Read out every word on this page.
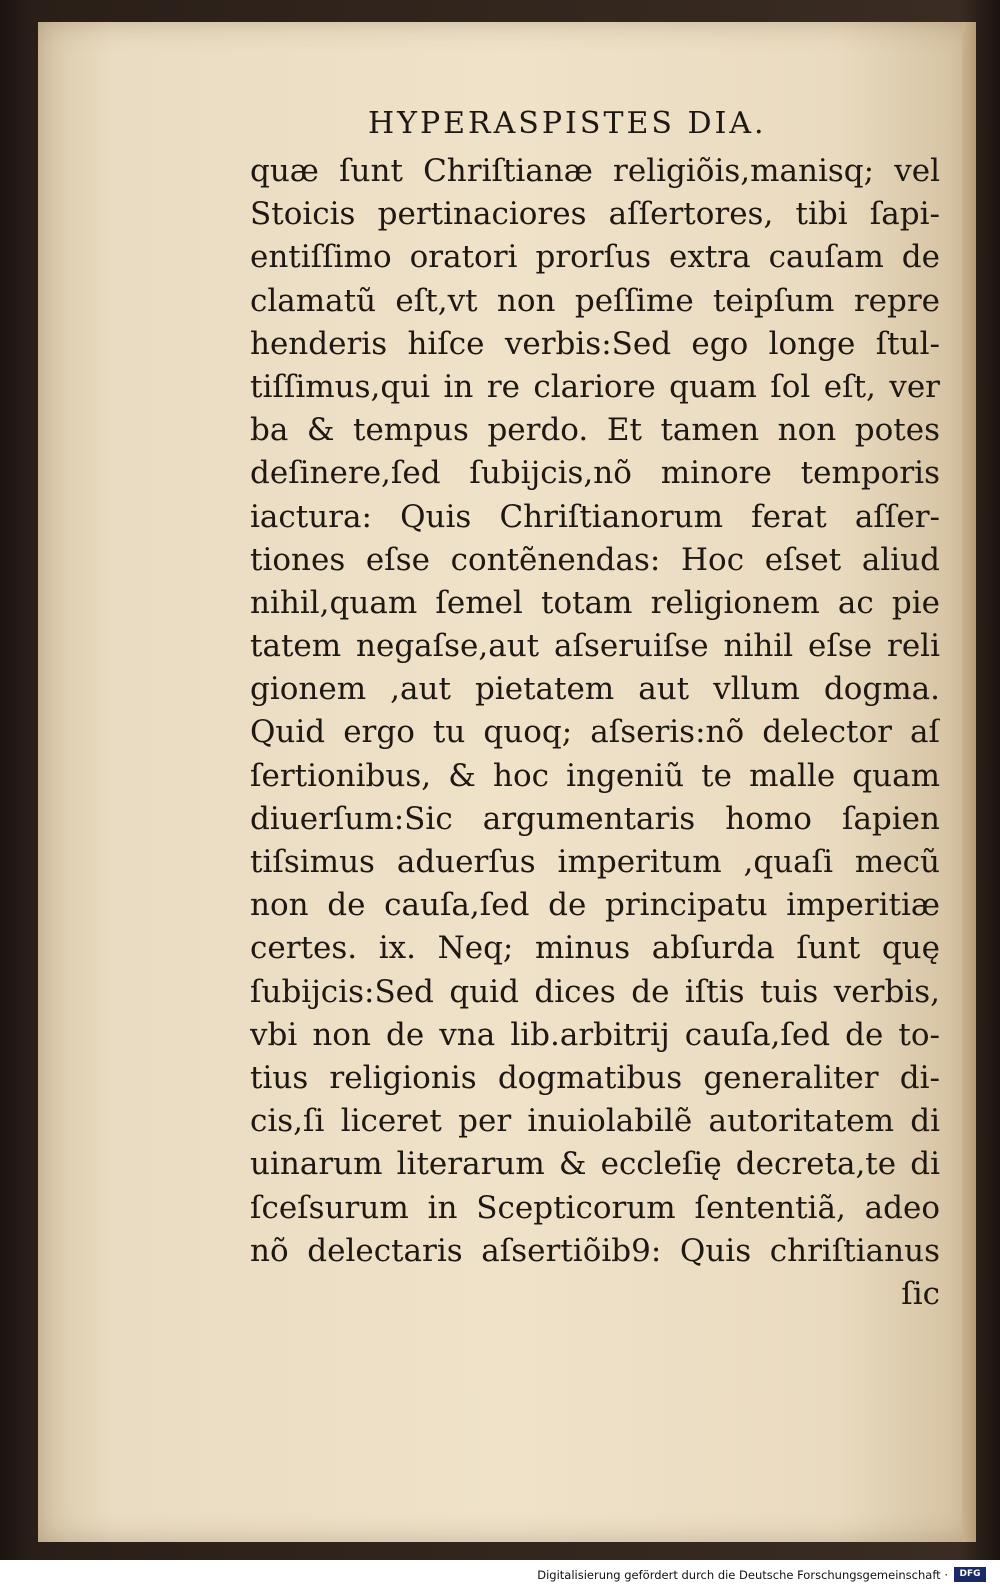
HYPERASPISTES DIA.
quæ ſunt Chriſtianæ religiõis,manisq; vel
Stoicis pertinaciores aſſertores, tibi ſapi-
entiſſimo oratori prorſus extra cauſam de
clamatũ eſt,vt non peſſime teipſum repre
henderis hiſce verbis:Sed ego longe ſtul-
tiſſimus,qui in re clariore quam ſol eſt, ver
ba & tempus perdo. Et tamen non potes
deſinere,ſed ſubijcis,nõ minore temporis
iactura: Quis Chriſtianorum ferat aſſer-
tiones eſse contẽnendas: Hoc eſset aliud
nihil,quam ſemel totam religionem ac pie
tatem negaſse,aut aſseruiſse nihil eſse reli
gionem ,aut pietatem aut vllum dogma.
Quid ergo tu quoq; aſseris:nõ delector aſ
ſertionibus, & hoc ingeniũ te malle quam
diuerſum:Sic argumentaris homo ſapien
tiſsimus aduerſus imperitum ,quaſi mecũ
non de cauſa,ſed de principatu imperitiæ
certes. ix. Neq; minus abſurda ſunt quę
ſubijcis:Sed quid dices de iſtis tuis verbis,
vbi non de vna lib.arbitrij cauſa,ſed de to-
tius religionis dogmatibus generaliter di-
cis,ſi liceret per inuiolabilẽ autoritatem di
uinarum literarum & eccleſię decreta,te di
ſceſsurum in Scepticorum ſententiã, adeo
nõ delectaris aſsertiõib9: Quis chriſtianus
ſic
Digitalisierung gefördert durch die Deutsche Forschungsgemeinschaft ·	DFG
